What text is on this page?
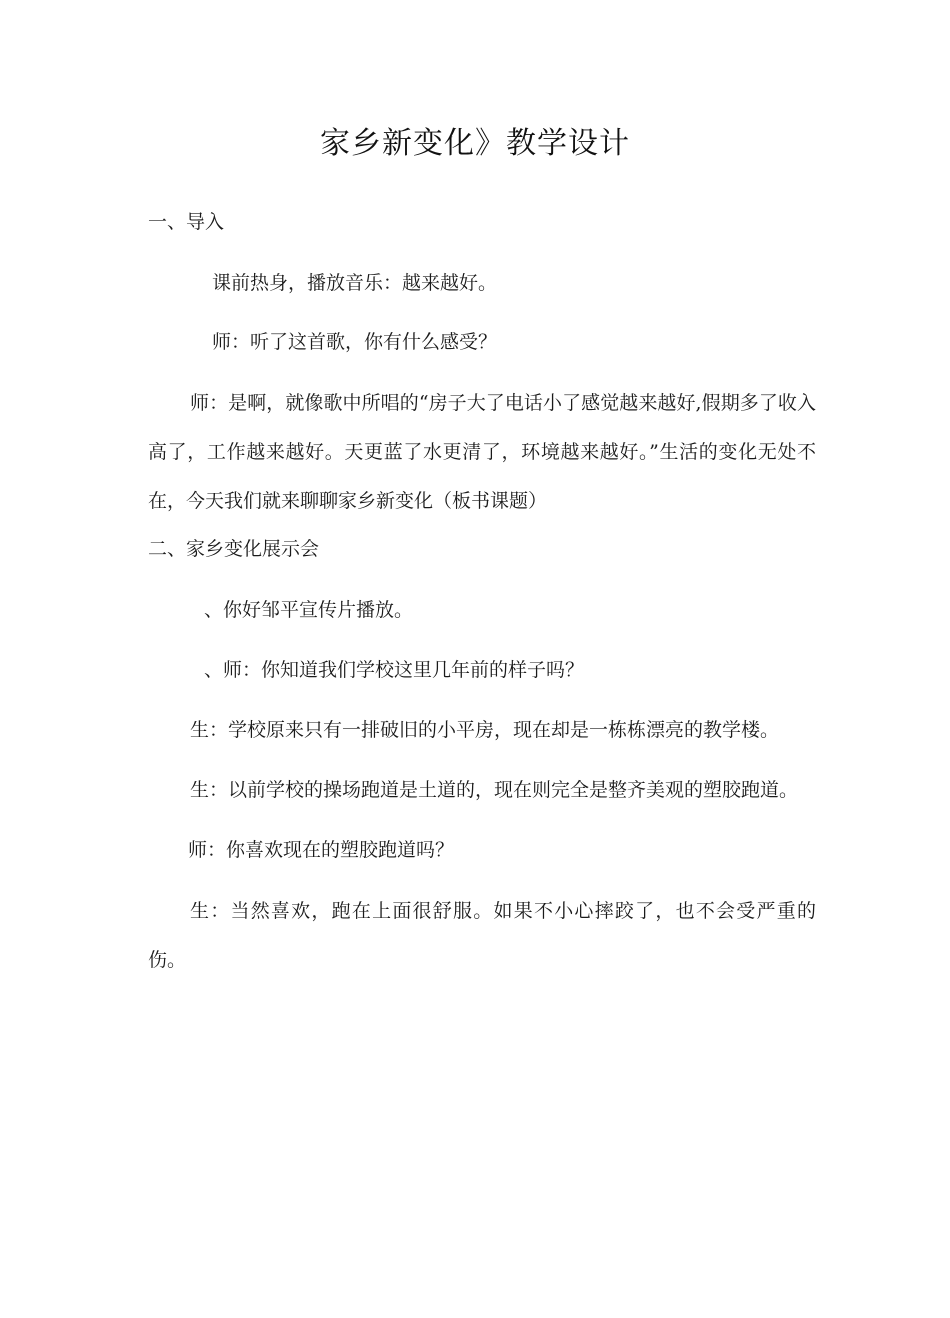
家乡新变化》教学设计
一、导入
课前热身，播放音乐：越来越好。
师：听了这首歌，你有什么感受？
师：是啊，就像歌中所唱的“房子大了电话小了感觉越来越好,假期多了收入高了，工作越来越好。天更蓝了水更清了，环境越来越好。”生活的变化无处不在，今天我们就来聊聊家乡新变化（板书课题）
二、家乡变化展示会
、你好邹平宣传片播放。
、师：你知道我们学校这里几年前的样子吗？
生：学校原来只有一排破旧的小平房，现在却是一栋栋漂亮的教学楼。
生：以前学校的操场跑道是土道的，现在则完全是整齐美观的塑胶跑道。
师：你喜欢现在的塑胶跑道吗？
生：当然喜欢，跑在上面很舒服。如果不小心摔跤了，也不会受严重的伤。
